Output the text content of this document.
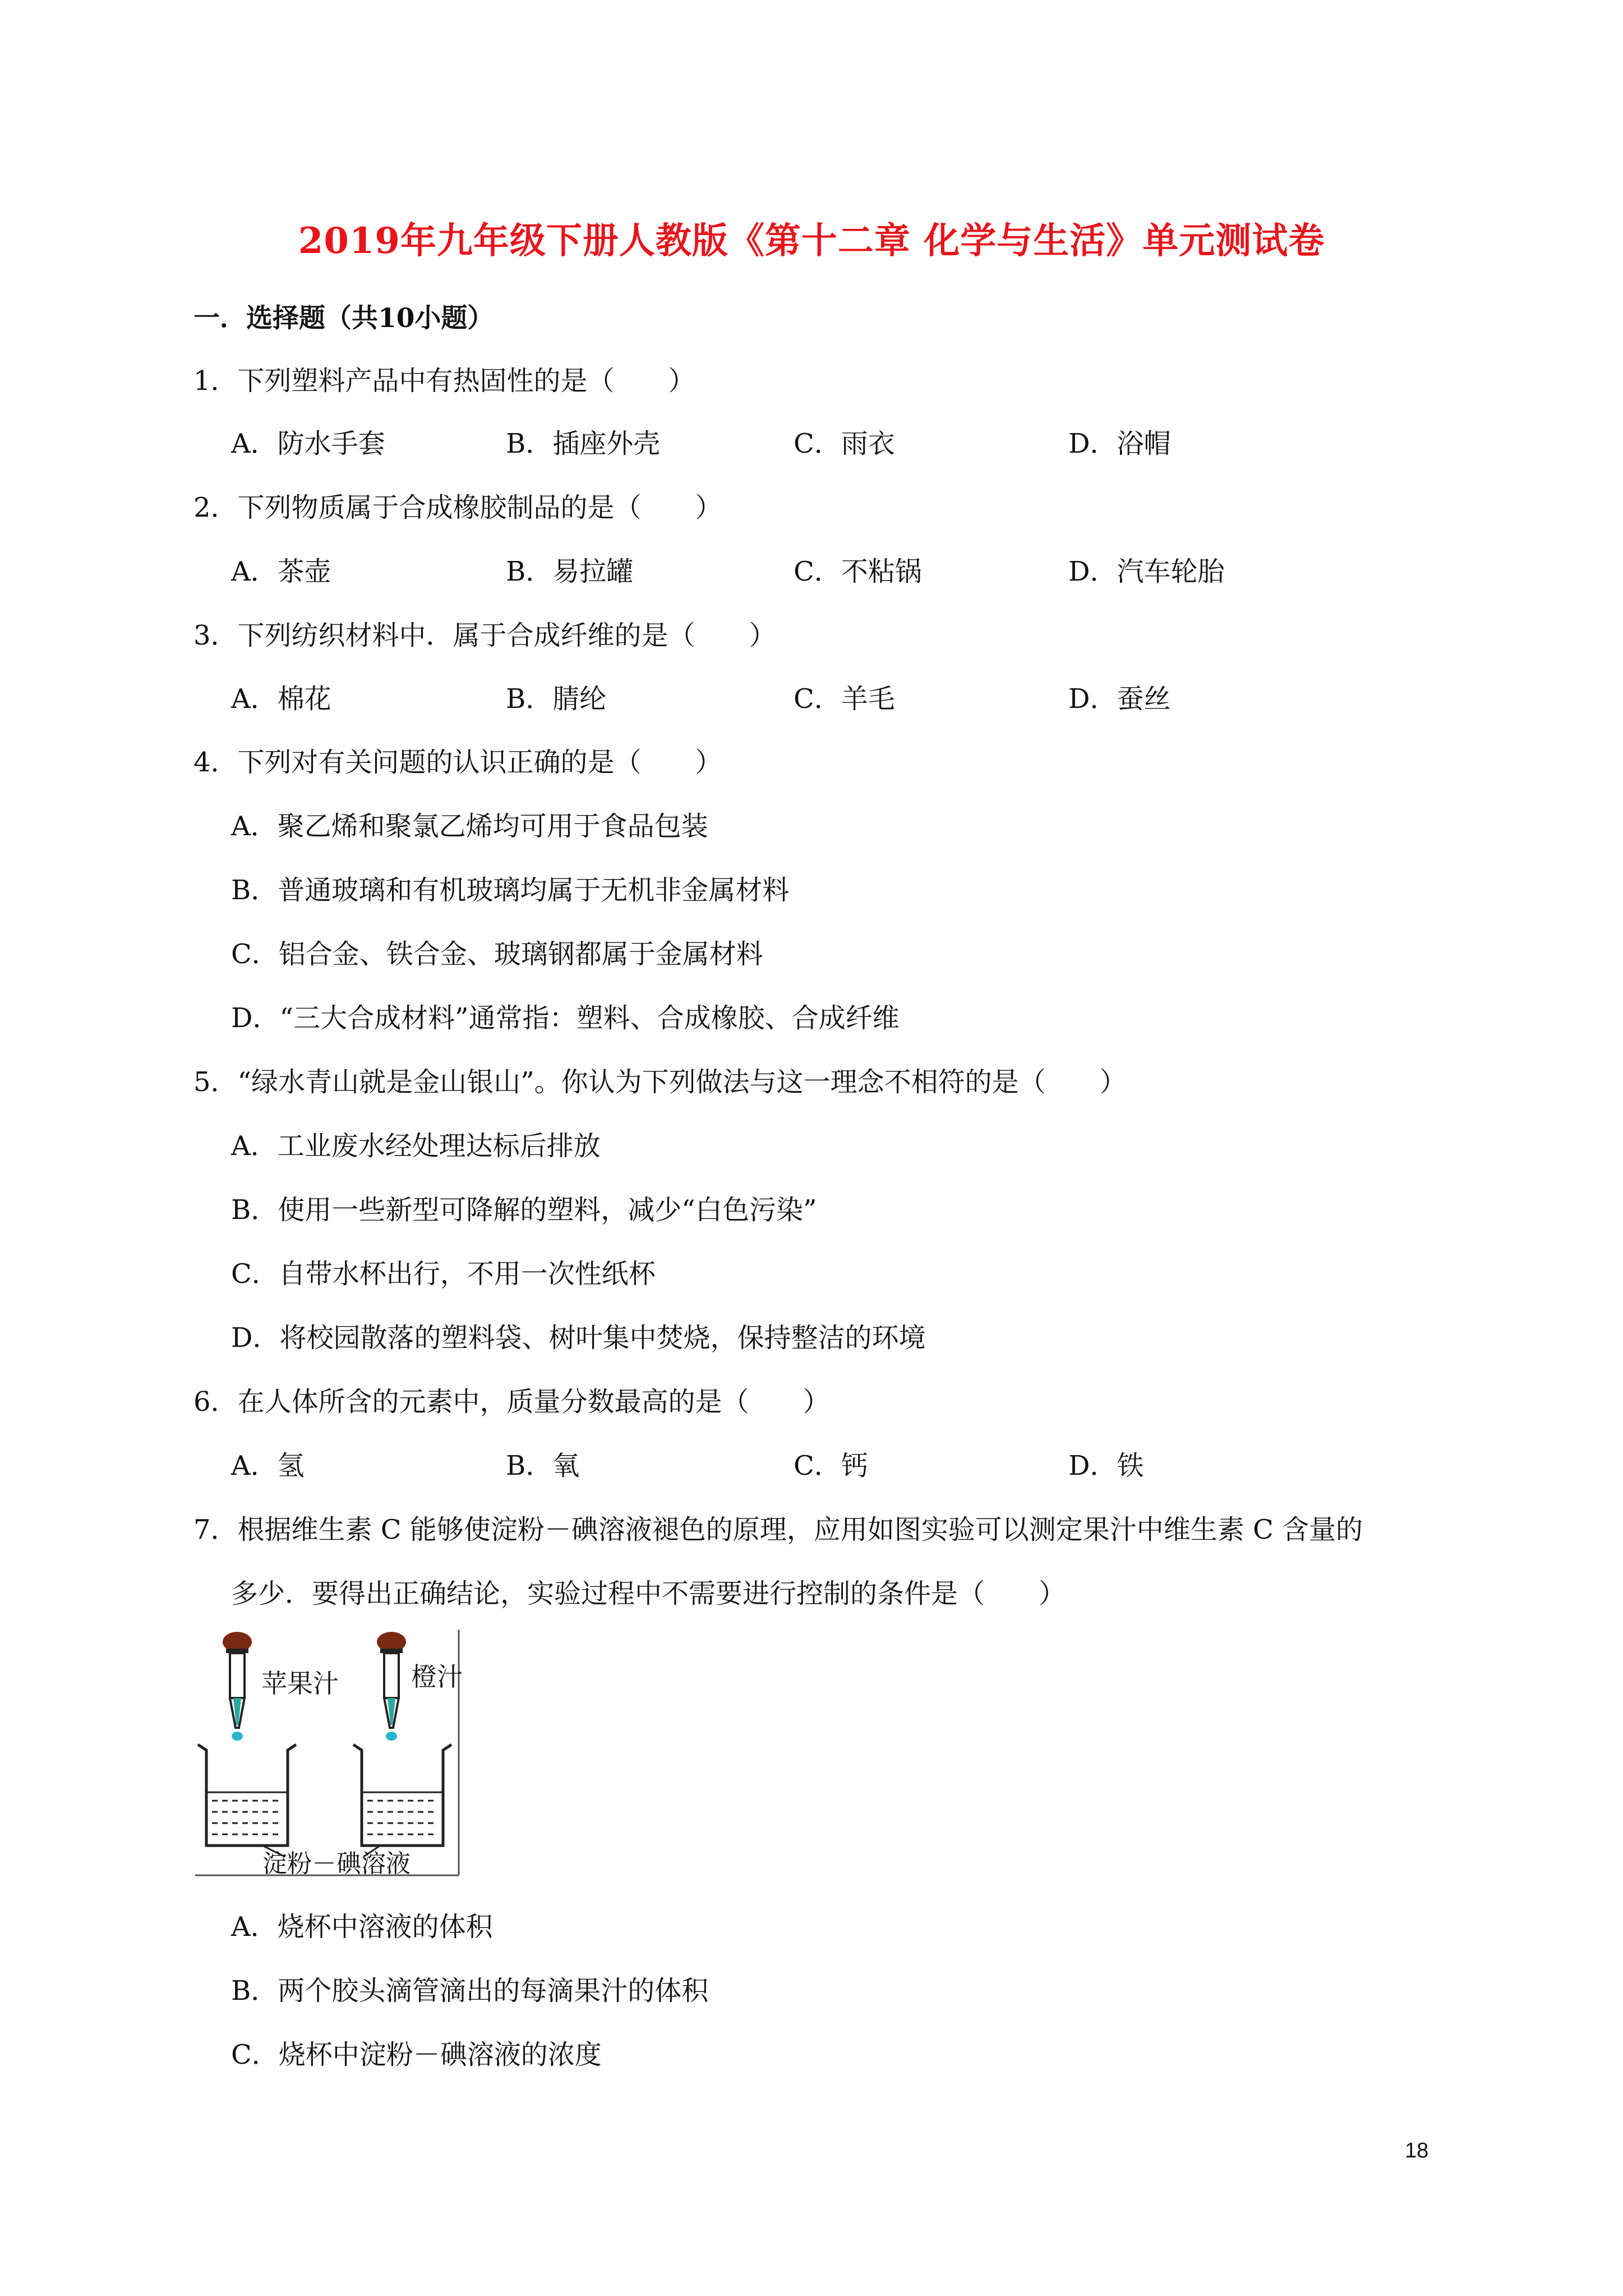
2019年九年级下册人教版《第十二章 化学与生活》单元测试卷
一．选择题（共10小题）
1．下列塑料产品中有热固性的是（　　）
A．防水手套	B．插座外壳	C．雨衣	D．浴帽
2．下列物质属于合成橡胶制品的是（　　）
A．茶壶	B．易拉罐	C．不粘锅	D．汽车轮胎
3．下列纺织材料中．属于合成纤维的是（　　）
A．棉花	B．腈纶	C．羊毛	D．蚕丝
4．下列对有关问题的认识正确的是（　　）
A．聚乙烯和聚氯乙烯均可用于食品包装
B．普通玻璃和有机玻璃均属于无机非金属材料
C．铝合金、铁合金、玻璃钢都属于金属材料
D．“三大合成材料”通常指：塑料、合成橡胶、合成纤维
5．“绿水青山就是金山银山”。你认为下列做法与这一理念不相符的是（　　）
A．工业废水经处理达标后排放
B．使用一些新型可降解的塑料，减少“白色污染”
C．自带水杯出行，不用一次性纸杯
D．将校园散落的塑料袋、树叶集中焚烧，保持整洁的环境
6．在人体所含的元素中，质量分数最高的是（　　）
A．氢	B．氧	C．钙	D．铁
7．根据维生素 C 能够使淀粉－碘溶液褪色的原理，应用如图实验可以测定果汁中维生素 C 含量的
多少．要得出正确结论，实验过程中不需要进行控制的条件是（　　）
苹果汁	橙汁
淀粉－碘溶液
A．烧杯中溶液的体积
B．两个胶头滴管滴出的每滴果汁的体积
C．烧杯中淀粉－碘溶液的浓度
18
